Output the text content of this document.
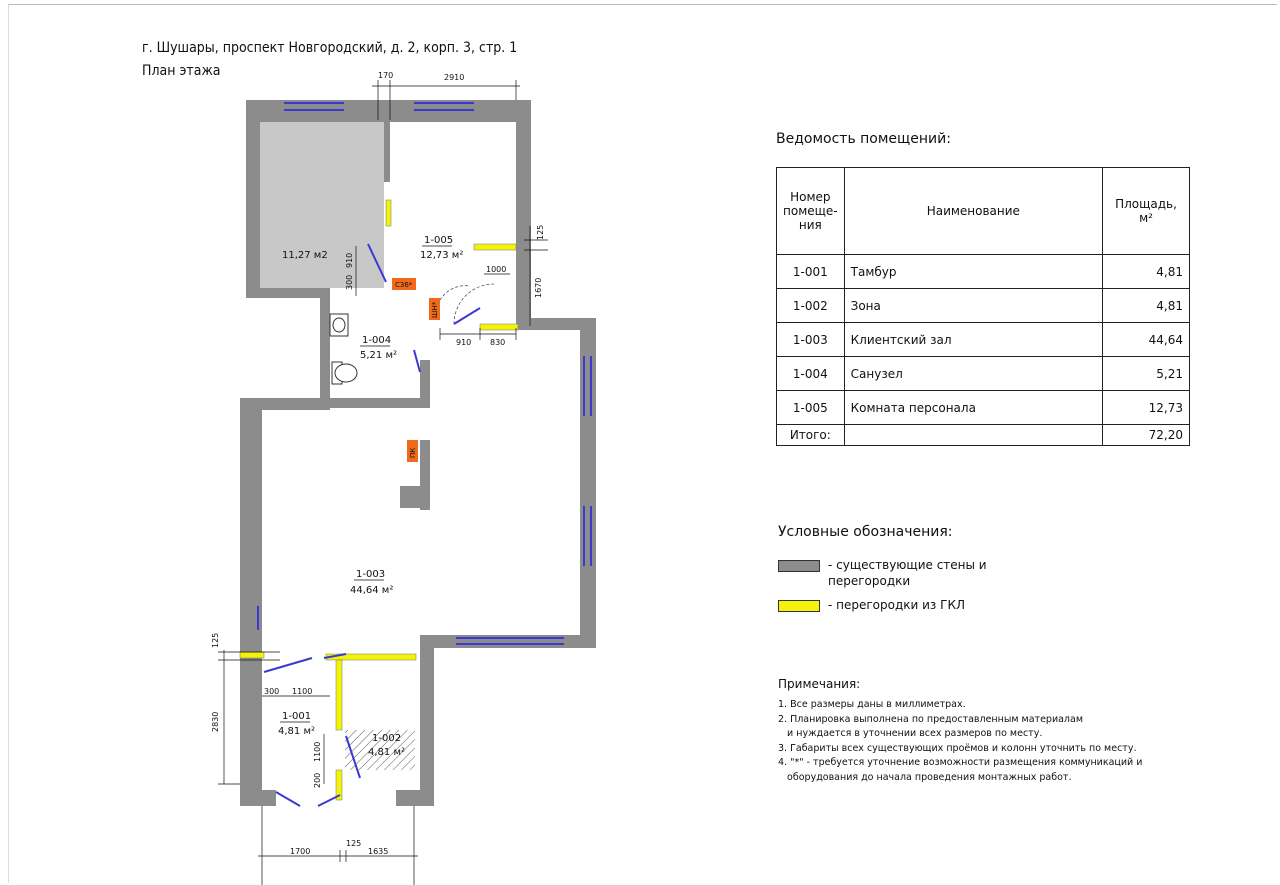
г. Шушары, проспект Новгородский, д. 2, корп. 3, стр. 1
План этажа
С36*
ШН*
ПК
11,27 м2
1-005
12,73 м²
1-004
5,21 м²
1-003
44,64 м²
1-001
4,81 м²
1-002
4,81 м²
170	2910
910
300
125
1000
1670
910 830
125
2830
300 1100
1100
200
1700
125
1635
Ведомость помещений:
Номер помеще-ния	Наименование	Площадь, м²
1-001	Тамбур	4,81
1-002	Зона	4,81
1-003	Клиентский зал	44,64
1-004	Санузел	5,21
1-005	Комната персонала	12,73
Итого:		72,20
Условные обозначения:
- существующие стены и перегородки
- перегородки из ГКЛ
Примечания:
1. Все размеры даны в миллиметрах.
2. Планировка выполнена по предоставленным материалам
и нуждается в уточнении всех размеров по месту.
3. Габариты всех существующих проёмов и колонн уточнить по месту.
4. "*" - требуется уточнение возможности размещения коммуникаций и
оборудования до начала проведения монтажных работ.
